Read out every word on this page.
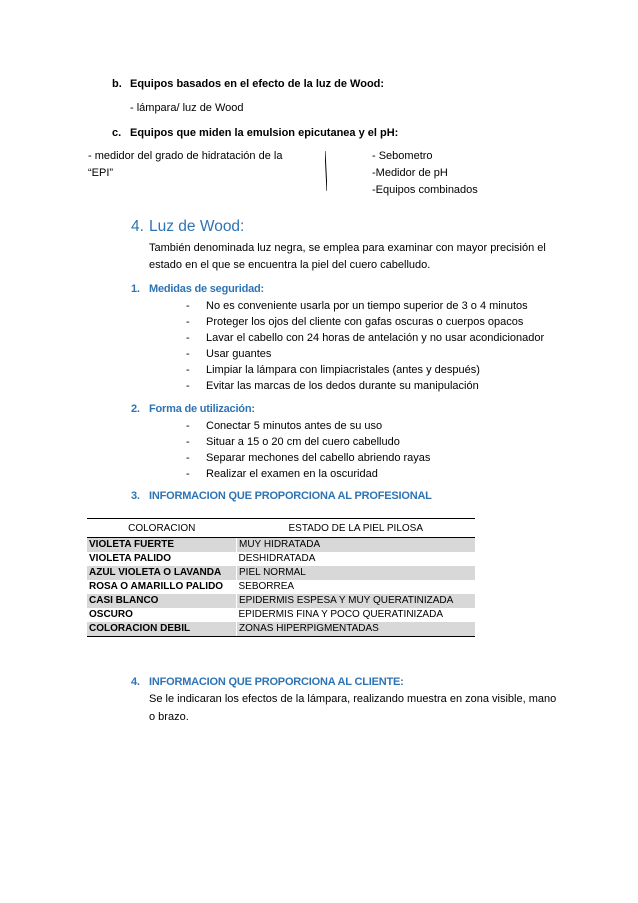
b. Equipos basados en el efecto de la luz de Wood:
- lámpara/ luz de Wood
c. Equipos que miden la emulsion epicutanea y el pH:
- medidor del grado de hidratación de la
“EPI”
- Sebometro
-Medidor de pH
-Equipos combinados
4. Luz de Wood:
También denominada luz negra, se emplea para examinar con mayor precisión el
estado en el que se encuentra la piel del cuero cabelludo.
1. Medidas de seguridad:
- No es conveniente usarla por un tiempo superior de 3 o 4 minutos
- Proteger los ojos del cliente con gafas oscuras o cuerpos opacos
- Lavar el cabello con 24 horas de antelación y no usar acondicionador
- Usar guantes
- Limpiar la lámpara con limpiacristales (antes y después)
- Evitar las marcas de los dedos durante su manipulación
2. Forma de utilización:
- Conectar 5 minutos antes de su uso
- Situar a 15 o 20 cm del cuero cabelludo
- Separar mechones del cabello abriendo rayas
- Realizar el examen en la oscuridad
3. INFORMACION QUE PROPORCIONA AL PROFESIONAL
COLORACION	ESTADO DE LA PIEL PILOSA
VIOLETA FUERTE	MUY HIDRATADA
VIOLETA PALIDO	DESHIDRATADA
AZUL VIOLETA O LAVANDA	PIEL NORMAL
ROSA O AMARILLO PALIDO	SEBORREA
CASI BLANCO	EPIDERMIS ESPESA Y MUY QUERATINIZADA
OSCURO	EPIDERMIS FINA Y POCO QUERATINIZADA
COLORACION DEBIL	ZONAS HIPERPIGMENTADAS
4. INFORMACION QUE PROPORCIONA AL CLIENTE:
Se le indicaran los efectos de la lámpara, realizando muestra en zona visible, mano
o brazo.
